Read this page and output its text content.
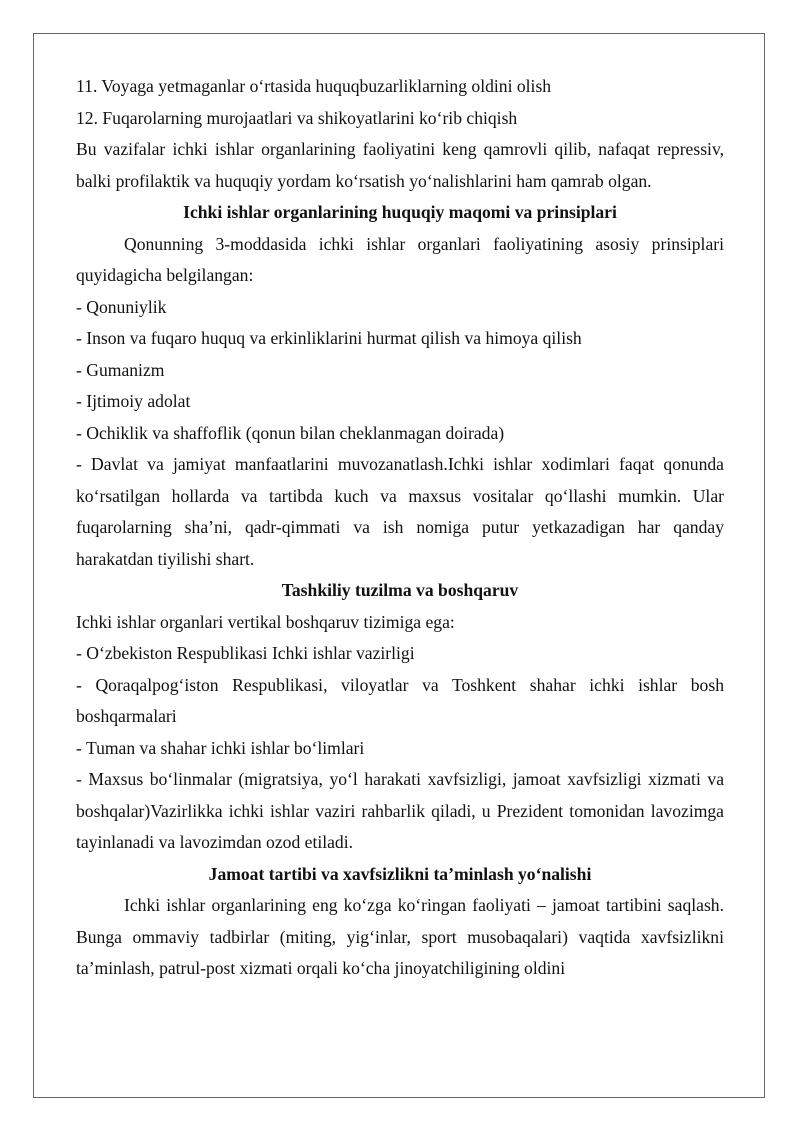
11. Voyaga yetmaganlar o‘rtasida huquqbuzarliklarning oldini olish

12. Fuqarolarning murojaatlari va shikoyatlarini ko‘rib chiqish

Bu vazifalar ichki ishlar organlarining faoliyatini keng qamrovli qilib, nafaqat repressiv, balki profilaktik va huquqiy yordam ko‘rsatish yo‘nalishlarini ham qamrab olgan.

Ichki ishlar organlarining huquqiy maqomi va prinsiplari

Qonunning 3-moddasida ichki ishlar organlari faoliyatining asosiy prinsiplari quyidagicha belgilangan:

- Qonuniylik

- Inson va fuqaro huquq va erkinliklarini hurmat qilish va himoya qilish

- Gumanizm

- Ijtimoiy adolat

- Ochiklik va shaffoflik (qonun bilan cheklanmagan doirada)

- Davlat va jamiyat manfaatlarini muvozanatlash.Ichki ishlar xodimlari faqat qonunda ko‘rsatilgan hollarda va tartibda kuch va maxsus vositalar qo‘llashi mumkin. Ular fuqarolarning sha’ni, qadr-qimmati va ish nomiga putur yetkazadigan har qanday harakatdan tiyilishi shart.

Tashkiliy tuzilma va boshqaruv

Ichki ishlar organlari vertikal boshqaruv tizimiga ega:

- O‘zbekiston Respublikasi Ichki ishlar vazirligi

- Qoraqalpog‘iston Respublikasi, viloyatlar va Toshkent shahar ichki ishlar bosh boshqarmalari

- Tuman va shahar ichki ishlar bo‘limlari

- Maxsus bo‘linmalar (migratsiya, yo‘l harakati xavfsizligi, jamoat xavfsizligi xizmati va boshqalar)Vazirlikka ichki ishlar vaziri rahbarlik qiladi, u Prezident tomonidan lavozimga tayinlanadi va lavozimdan ozod etiladi.

Jamoat tartibi va xavfsizlikni ta’minlash yo‘nalishi

Ichki ishlar organlarining eng ko‘zga ko‘ringan faoliyati – jamoat tartibini saqlash. Bunga ommaviy tadbirlar (miting, yig‘inlar, sport musobaqalari) vaqtida xavfsizlikni ta’minlash, patrul-post xizmati orqali ko‘cha jinoyatchiligining oldini
